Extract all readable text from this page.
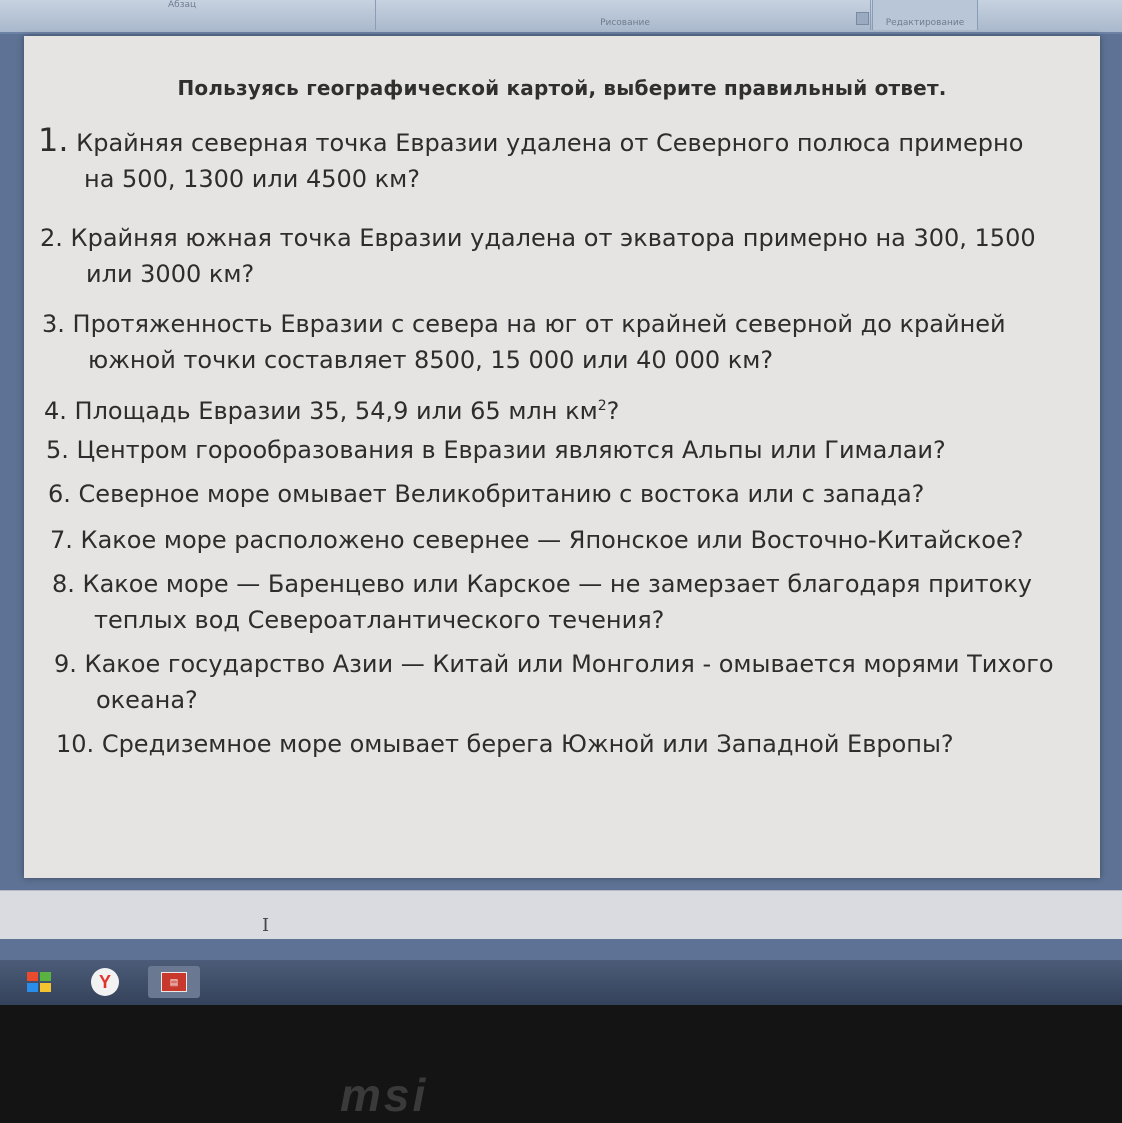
Абзац
Рисование	Редактирование
Пользуясь географической картой, выберите правильный ответ.
1. Крайняя северная точка Евразии удалена от Северного полюса примерно
на 500, 1300 или 4500 км?
2. Крайняя южная точка Евразии удалена от экватора примерно на 300, 1500
или 3000 км?
3. Протяженность Евразии с севера на юг от крайней северной до крайней
южной точки составляет 8500, 15 000 или 40 000 км?
4. Площадь Евразии 35, 54,9 или 65 млн $км^2$?
5. Центром горообразования в Евразии являются Альпы или Гималаи?
6. Северное море омывает Великобританию с востока или с запада?
7. Какое море расположено севернее — Японское или Восточно-Китайское?
8. Какое море — Баренцево или Карское — не замерзает благодаря притоку
теплых вод Североатлантического течения?
9. Какое государство Азии — Китай или Монголия - омывается морями Тихого
океана?
10. Средиземное море омывает берега Южной или Западной Европы?
I
Y	▤
msi
